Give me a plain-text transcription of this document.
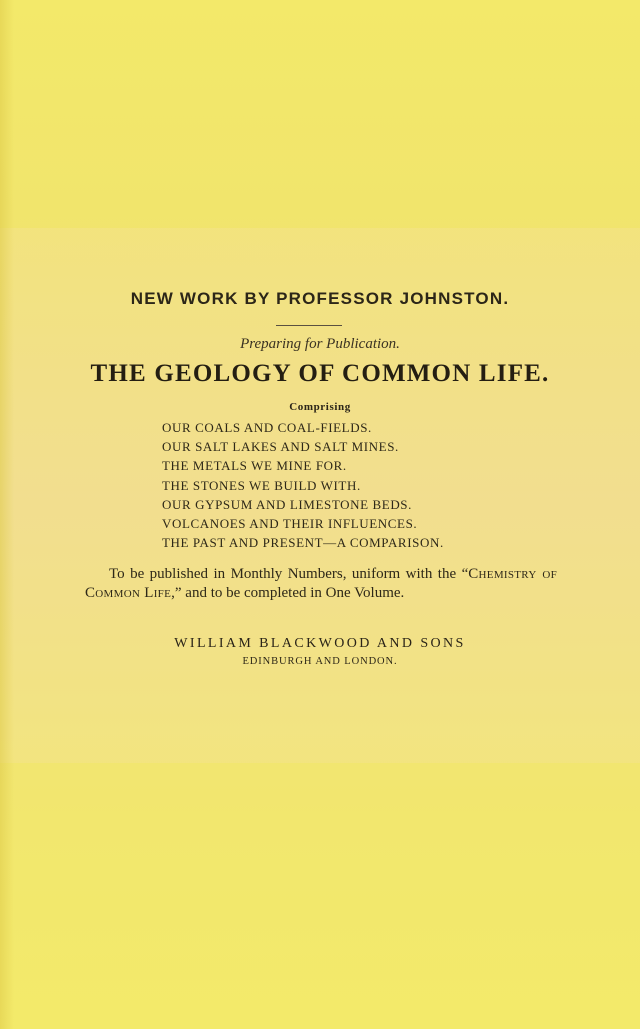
NEW WORK BY PROFESSOR JOHNSTON.
Preparing for Publication.
THE GEOLOGY OF COMMON LIFE.
Comprising
OUR COALS AND COAL-FIELDS.
OUR SALT LAKES AND SALT MINES.
THE METALS WE MINE FOR.
THE STONES WE BUILD WITH.
OUR GYPSUM AND LIMESTONE BEDS.
VOLCANOES AND THEIR INFLUENCES.
THE PAST AND PRESENT—A COMPARISON.
To be published in Monthly Numbers, uniform with the “Chemistry of Common Life,” and to be completed in One Volume.
WILLIAM BLACKWOOD AND SONS
EDINBURGH AND LONDON.
